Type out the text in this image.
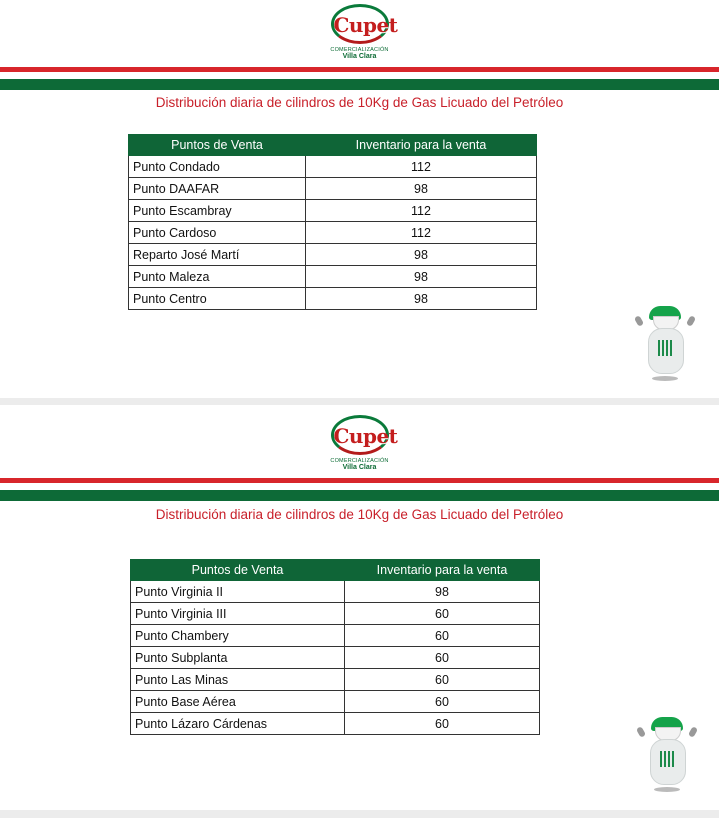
Cupet
COMERCIALIZACIÓN
Villa Clara
Distribución diaria de cilindros de 10Kg de Gas Licuado del Petróleo
Puntos de Venta	Inventario para la venta
Punto Condado	112
Punto DAAFAR	98
Punto Escambray	112
Punto Cardoso	112
Reparto José Martí	98
Punto Maleza	98
Punto Centro	98
Cupet
COMERCIALIZACIÓN
Villa Clara
Distribución diaria de cilindros de 10Kg de Gas Licuado del Petróleo
Puntos de Venta	Inventario para la venta
Punto Virginia II	98
Punto Virginia III	60
Punto Chambery	60
Punto Subplanta	60
Punto Las Minas	60
Punto Base Aérea	60
Punto Lázaro Cárdenas	60
